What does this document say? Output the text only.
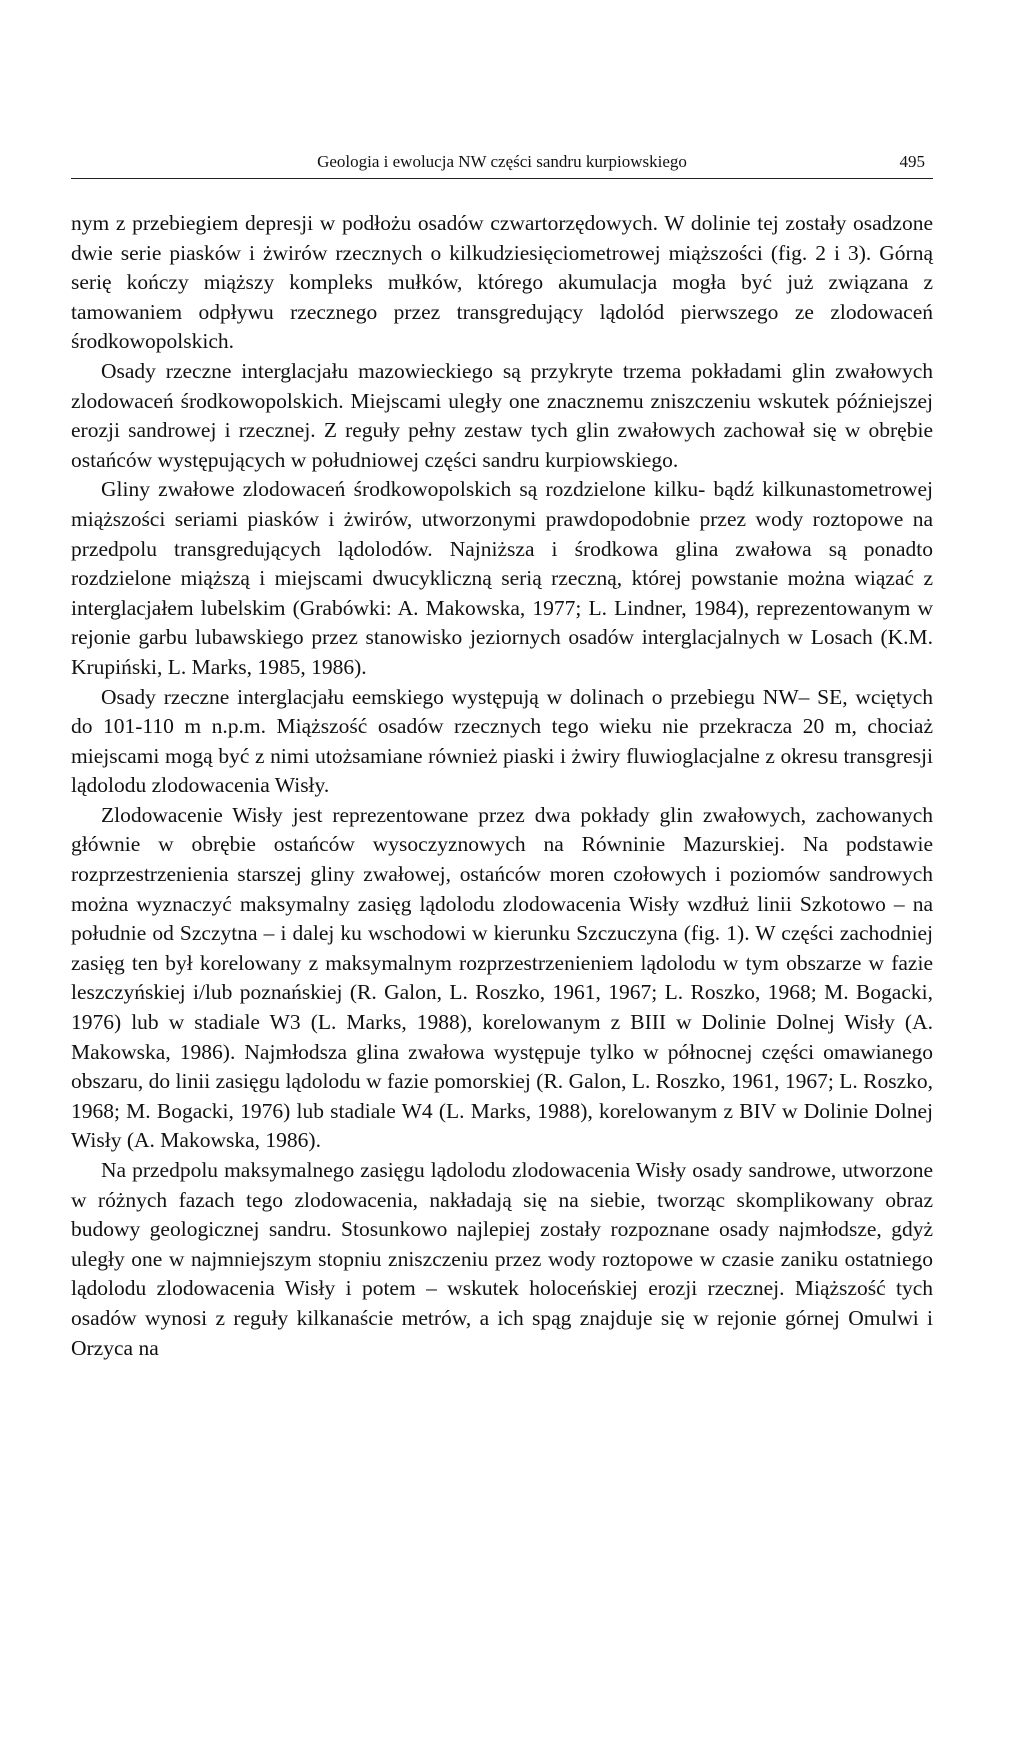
Geologia i ewolucja NW części sandru kurpiowskiego	495

nym z przebiegiem depresji w podłożu osadów czwartorzędowych. W dolinie tej zostały osadzone dwie serie piasków i żwirów rzecznych o kilkudziesięciometrowej miąższości (fig. 2 i 3). Górną serię kończy miąższy kompleks mułków, którego akumulacja mogła być już związana z tamowaniem odpływu rzecznego przez transgredujący lądolód pierwszego ze zlodowaceń środkowopolskich.

Osady rzeczne interglacjału mazowieckiego są przykryte trzema pokładami glin zwałowych zlodowaceń środkowopolskich. Miejscami uległy one znacznemu zniszczeniu wskutek późniejszej erozji sandrowej i rzecznej. Z reguły pełny zestaw tych glin zwałowych zachował się w obrębie ostańców występujących w południowej części sandru kurpiowskiego.

Gliny zwałowe zlodowaceń środkowopolskich są rozdzielone kilku- bądź kilkunastometrowej miąższości seriami piasków i żwirów, utworzonymi prawdopodobnie przez wody roztopowe na przedpolu transgredujących lądolodów. Najniższa i środkowa glina zwałowa są ponadto rozdzielone miąższą i miejscami dwucykliczną serią rzeczną, której powstanie można wiązać z interglacjałem lubelskim (Grabówki: A. Makowska, 1977; L. Lindner, 1984), reprezentowanym w rejonie garbu lubawskiego przez stanowisko jeziornych osadów interglacjalnych w Losach (K.M. Krupiński, L. Marks, 1985, 1986).

Osady rzeczne interglacjału eemskiego występują w dolinach o przebiegu NW– SE, wciętych do 101-110 m n.p.m. Miąższość osadów rzecznych tego wieku nie przekracza 20 m, chociaż miejscami mogą być z nimi utożsamiane również piaski i żwiry fluwioglacjalne z okresu transgresji lądolodu zlodowacenia Wisły.

Zlodowacenie Wisły jest reprezentowane przez dwa pokłady glin zwałowych, zachowanych głównie w obrębie ostańców wysoczyznowych na Równinie Mazurskiej. Na podstawie rozprzestrzenienia starszej gliny zwałowej, ostańców moren czołowych i poziomów sandrowych można wyznaczyć maksymalny zasięg lądolodu zlodowacenia Wisły wzdłuż linii Szkotowo – na południe od Szczytna – i dalej ku wschodowi w kierunku Szczuczyna (fig. 1). W części zachodniej zasięg ten był korelowany z maksymalnym rozprzestrzenieniem lądolodu w tym obszarze w fazie leszczyńskiej i/lub poznańskiej (R. Galon, L. Roszko, 1961, 1967; L. Roszko, 1968; M. Bogacki, 1976) lub w stadiale W3 (L. Marks, 1988), korelowanym z BIII w Dolinie Dolnej Wisły (A. Makowska, 1986). Najmłodsza glina zwałowa występuje tylko w północnej części omawianego obszaru, do linii zasięgu lądolodu w fazie pomorskiej (R. Galon, L. Roszko, 1961, 1967; L. Roszko, 1968; M. Bogacki, 1976) lub stadiale W4 (L. Marks, 1988), korelowanym z BIV w Dolinie Dolnej Wisły (A. Makowska, 1986).

Na przedpolu maksymalnego zasięgu lądolodu zlodowacenia Wisły osady sandrowe, utworzone w różnych fazach tego zlodowacenia, nakładają się na siebie, tworząc skomplikowany obraz budowy geologicznej sandru. Stosunkowo najlepiej zostały rozpoznane osady najmłodsze, gdyż uległy one w najmniejszym stopniu zniszczeniu przez wody roztopowe w czasie zaniku ostatniego lądolodu zlodowacenia Wisły i potem – wskutek holoceńskiej erozji rzecznej. Miąższość tych osadów wynosi z reguły kilkanaście metrów, a ich spąg znajduje się w rejonie górnej Omulwi i Orzyca na
